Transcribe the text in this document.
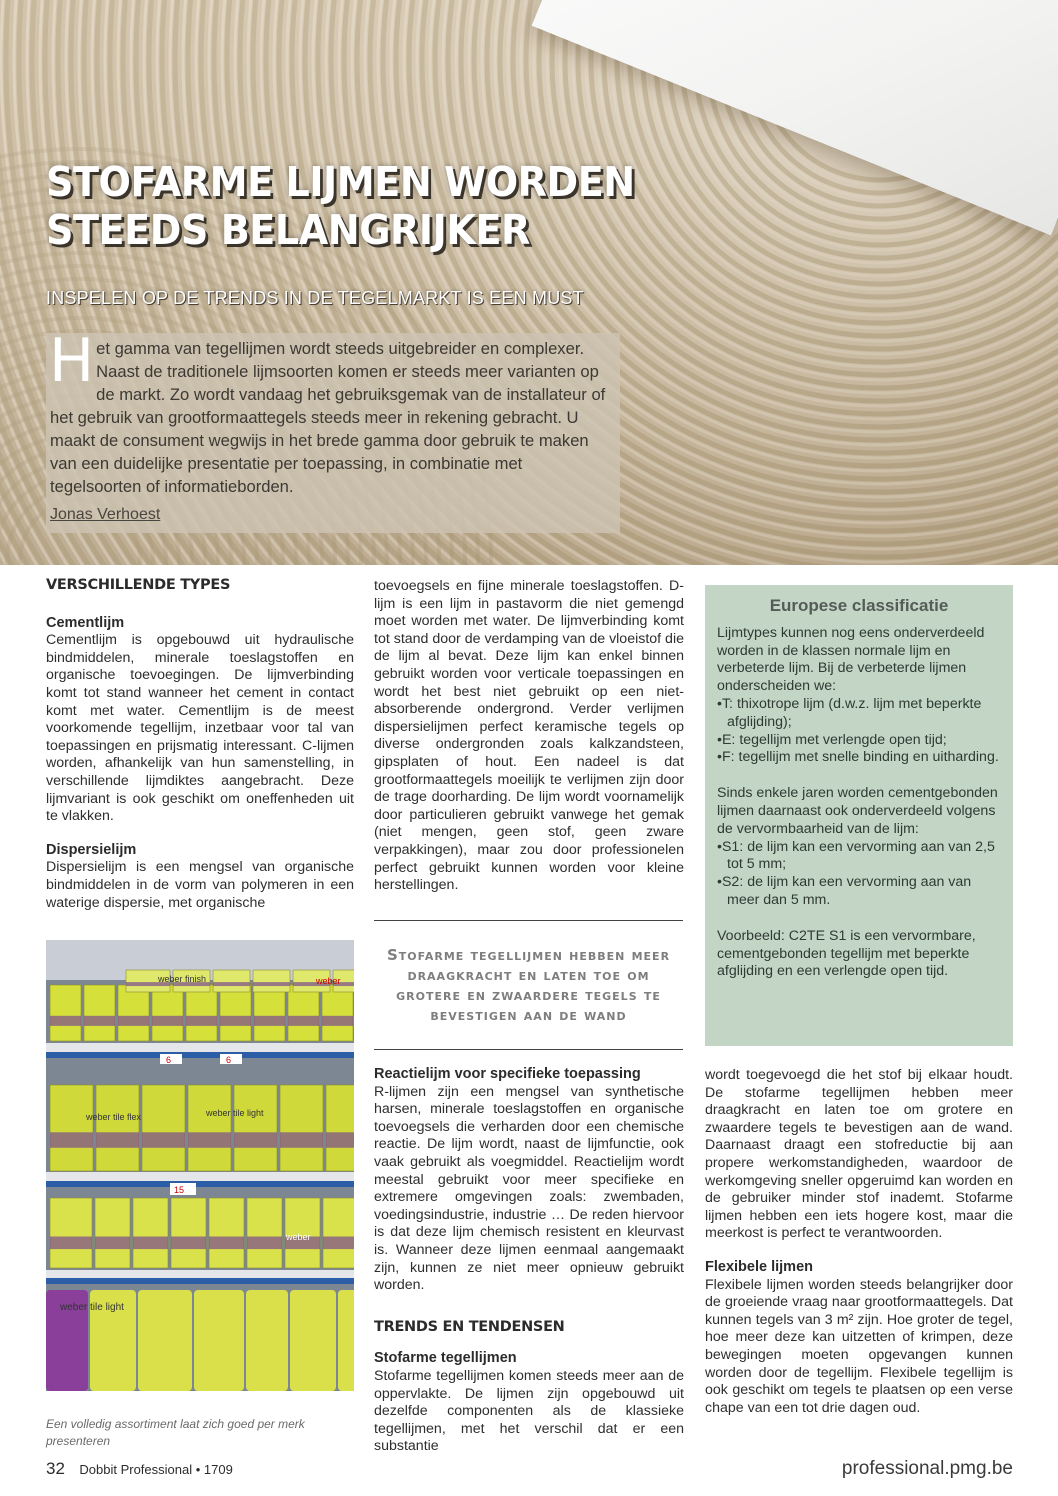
STOFARME LIJMEN WORDEN STEEDS BELANGRIJKER

INSPELEN OP DE TRENDS IN DE TEGELMARKT IS EEN MUST

Het gamma van tegellijmen wordt steeds uitgebreider en complexer. Naast de traditionele lijmsoorten komen er steeds meer varianten op de markt. Zo wordt vandaag het gebruiksgemak van de installateur of het gebruik van grootformaattegels steeds meer in rekening gebracht. U maakt de consument wegwijs in het brede gamma door gebruik te maken van een duidelijke presentatie per toepassing, in combinatie met tegelsoorten of informatieborden.

Jonas Verhoest

VERSCHILLENDE TYPES

Cementlijm

Cementlijm is opgebouwd uit hydraulische bindmiddelen, minerale toeslagstoffen en organische toevoegingen. De lijmverbinding komt tot stand wanneer het cement in contact komt met water. Cementlijm is de meest voorkomende tegellijm, inzetbaar voor tal van toepassingen en prijsmatig interessant. C-lijmen worden, afhankelijk van hun samenstelling, in verschillende lijmdiktes aangebracht. Deze lijmvariant is ook geschikt om oneffenheden uit te vlakken.

Dispersielijm

Dispersielijm is een mengsel van organische bindmiddelen in de vorm van polymeren in een waterige dispersie, met organische

weber finish
weber tile light
weber tile flex
weber tile light
weber
6	6
15
weber

Een volledig assortiment laat zich goed per merk presenteren

toevoegsels en fijne minerale toeslagstoffen. D-lijm is een lijm in pastavorm die niet gemengd moet worden met water. De lijmverbinding komt tot stand door de verdamping van de vloeistof die de lijm al bevat. Deze lijm kan enkel binnen gebruikt worden voor verticale toepassingen en wordt het best niet gebruikt op een niet-absorberende ondergrond. Verder verlijmen dispersielijmen perfect keramische tegels op diverse ondergronden zoals kalkzandsteen, gipsplaten of hout. Een nadeel is dat grootformaattegels moeilijk te verlijmen zijn door de trage doorharding. De lijm wordt voornamelijk door particulieren gebruikt vanwege het gemak (niet mengen, geen stof, geen zware verpakkingen), maar zou door professionelen perfect gebruikt kunnen worden voor kleine herstellingen.

Stofarme tegellijmen hebben meer draagkracht en laten toe om grotere en zwaardere tegels te bevestigen aan de wand

Reactielijm voor specifieke toepassing

R-lijmen zijn een mengsel van synthetische harsen, minerale toeslagstoffen en organische toevoegsels die verharden door een chemische reactie. De lijm wordt, naast de lijmfunctie, ook vaak gebruikt als voegmiddel. Reactielijm wordt meestal gebruikt voor meer specifieke en extremere omgevingen zoals: zwembaden, voedingsindustrie, industrie … De reden hiervoor is dat deze lijm chemisch resistent en kleurvast is. Wanneer deze lijmen eenmaal aangemaakt zijn, kunnen ze niet meer opnieuw gebruikt worden.

TRENDS EN TENDENSEN

Stofarme tegellijmen

Stofarme tegellijmen komen steeds meer aan de oppervlakte. De lijmen zijn opgebouwd uit dezelfde componenten als de klassieke tegellijmen, met het verschil dat er een substantie

Europese classificatie

Lijmtypes kunnen nog eens onderverdeeld worden in de klassen normale lijm en verbeterde lijm. Bij de verbeterde lijmen onderscheiden we:

•T: thixotrope lijm (d.w.z. lijm met beperkte afglijding);

•E: tegellijm met verlengde open tijd;

•F: tegellijm met snelle binding en uitharding.

Sinds enkele jaren worden cementgebonden lijmen daarnaast ook onderverdeeld volgens de vervormbaarheid van de lijm:

•S1: de lijm kan een vervorming aan van 2,5 tot 5 mm;

•S2: de lijm kan een vervorming aan van meer dan 5 mm.

Voorbeeld: C2TE S1 is een vervormbare, cementgebonden tegellijm met beperkte afglijding en een verlengde open tijd.

wordt toegevoegd die het stof bij elkaar houdt. De stofarme tegellijmen hebben meer draagkracht en laten toe om grotere en zwaardere tegels te bevestigen aan de wand. Daarnaast draagt een stofreductie bij aan propere werkomstandigheden, waardoor de werkomgeving sneller opgeruimd kan worden en de gebruiker minder stof inademt. Stofarme lijmen hebben een iets hogere kost, maar die meerkost is perfect te verantwoorden.

Flexibele lijmen

Flexibele lijmen worden steeds belangrijker door de groeiende vraag naar grootformaattegels. Dat kunnen tegels van 3 m² zijn. Hoe groter de tegel, hoe meer deze kan uitzetten of krimpen, deze bewegingen moeten opgevangen kunnen worden door de tegellijm. Flexibele tegellijm is ook geschikt om tegels te plaatsen op een verse chape van een tot drie dagen oud.

32 Dobbit Professional • 1709	professional.pmg.be
